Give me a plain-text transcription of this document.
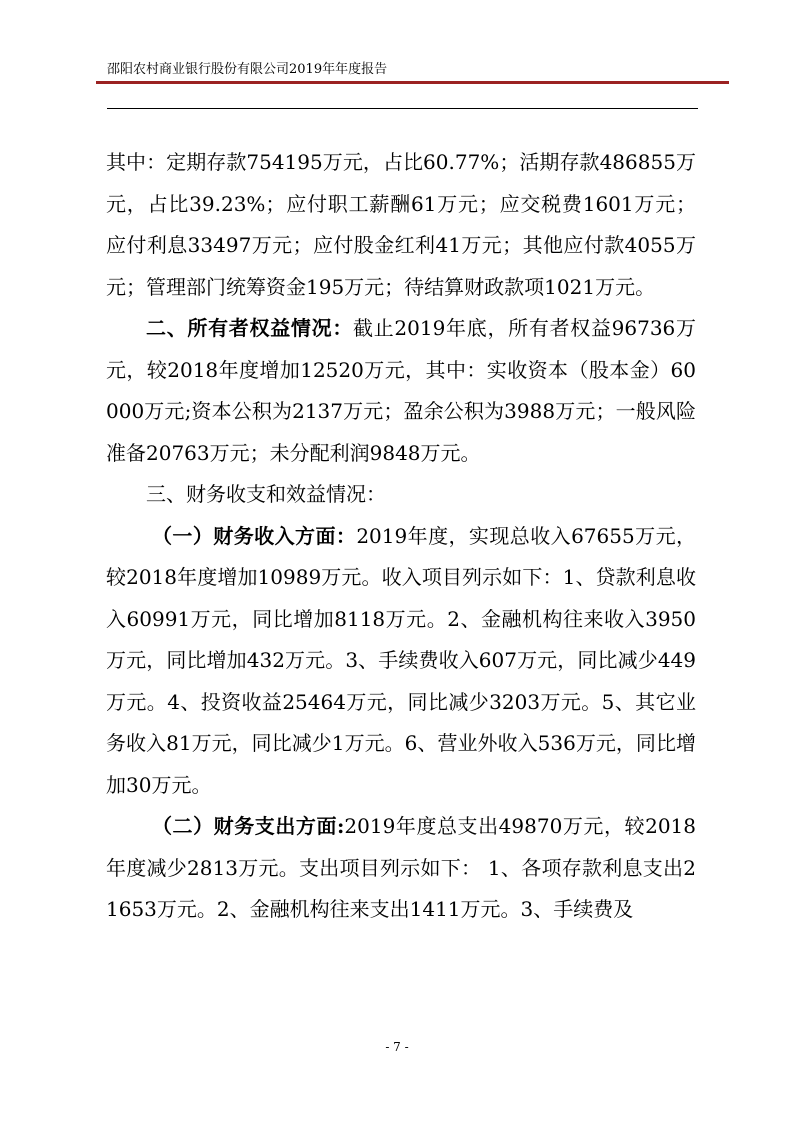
邵阳农村商业银行股份有限公司2019年年度报告

其中：定期存款754195万元，占比60.77%；活期存款486855万元，占比39.23%；应付职工薪酬61万元；应交税费1601万元；应付利息33497万元；应付股金红利41万元；其他应付款4055万元；管理部门统筹资金195万元；待结算财政款项1021万元。

二、所有者权益情况：截止2019年底，所有者权益96736万元，较2018年度增加12520万元，其中：实收资本（股本金）60000万元;资本公积为2137万元；盈余公积为3988万元；一般风险准备20763万元；未分配利润9848万元。

三、财务收支和效益情况：

（一）财务收入方面：2019年度，实现总收入67655万元，较2018年度增加10989万元。收入项目列示如下：1、贷款利息收入60991万元，同比增加8118万元。2、金融机构往来收入3950万元，同比增加432万元。3、手续费收入607万元，同比减少449万元。4、投资收益25464万元，同比减少3203万元。5、其它业务收入81万元，同比减少1万元。6、营业外收入536万元，同比增加30万元。

（二）财务支出方面:2019年度总支出49870万元，较2018年度减少2813万元。支出项目列示如下： 1、各项存款利息支出21653万元。2、金融机构往来支出1411万元。3、手续费及

- 7 -
